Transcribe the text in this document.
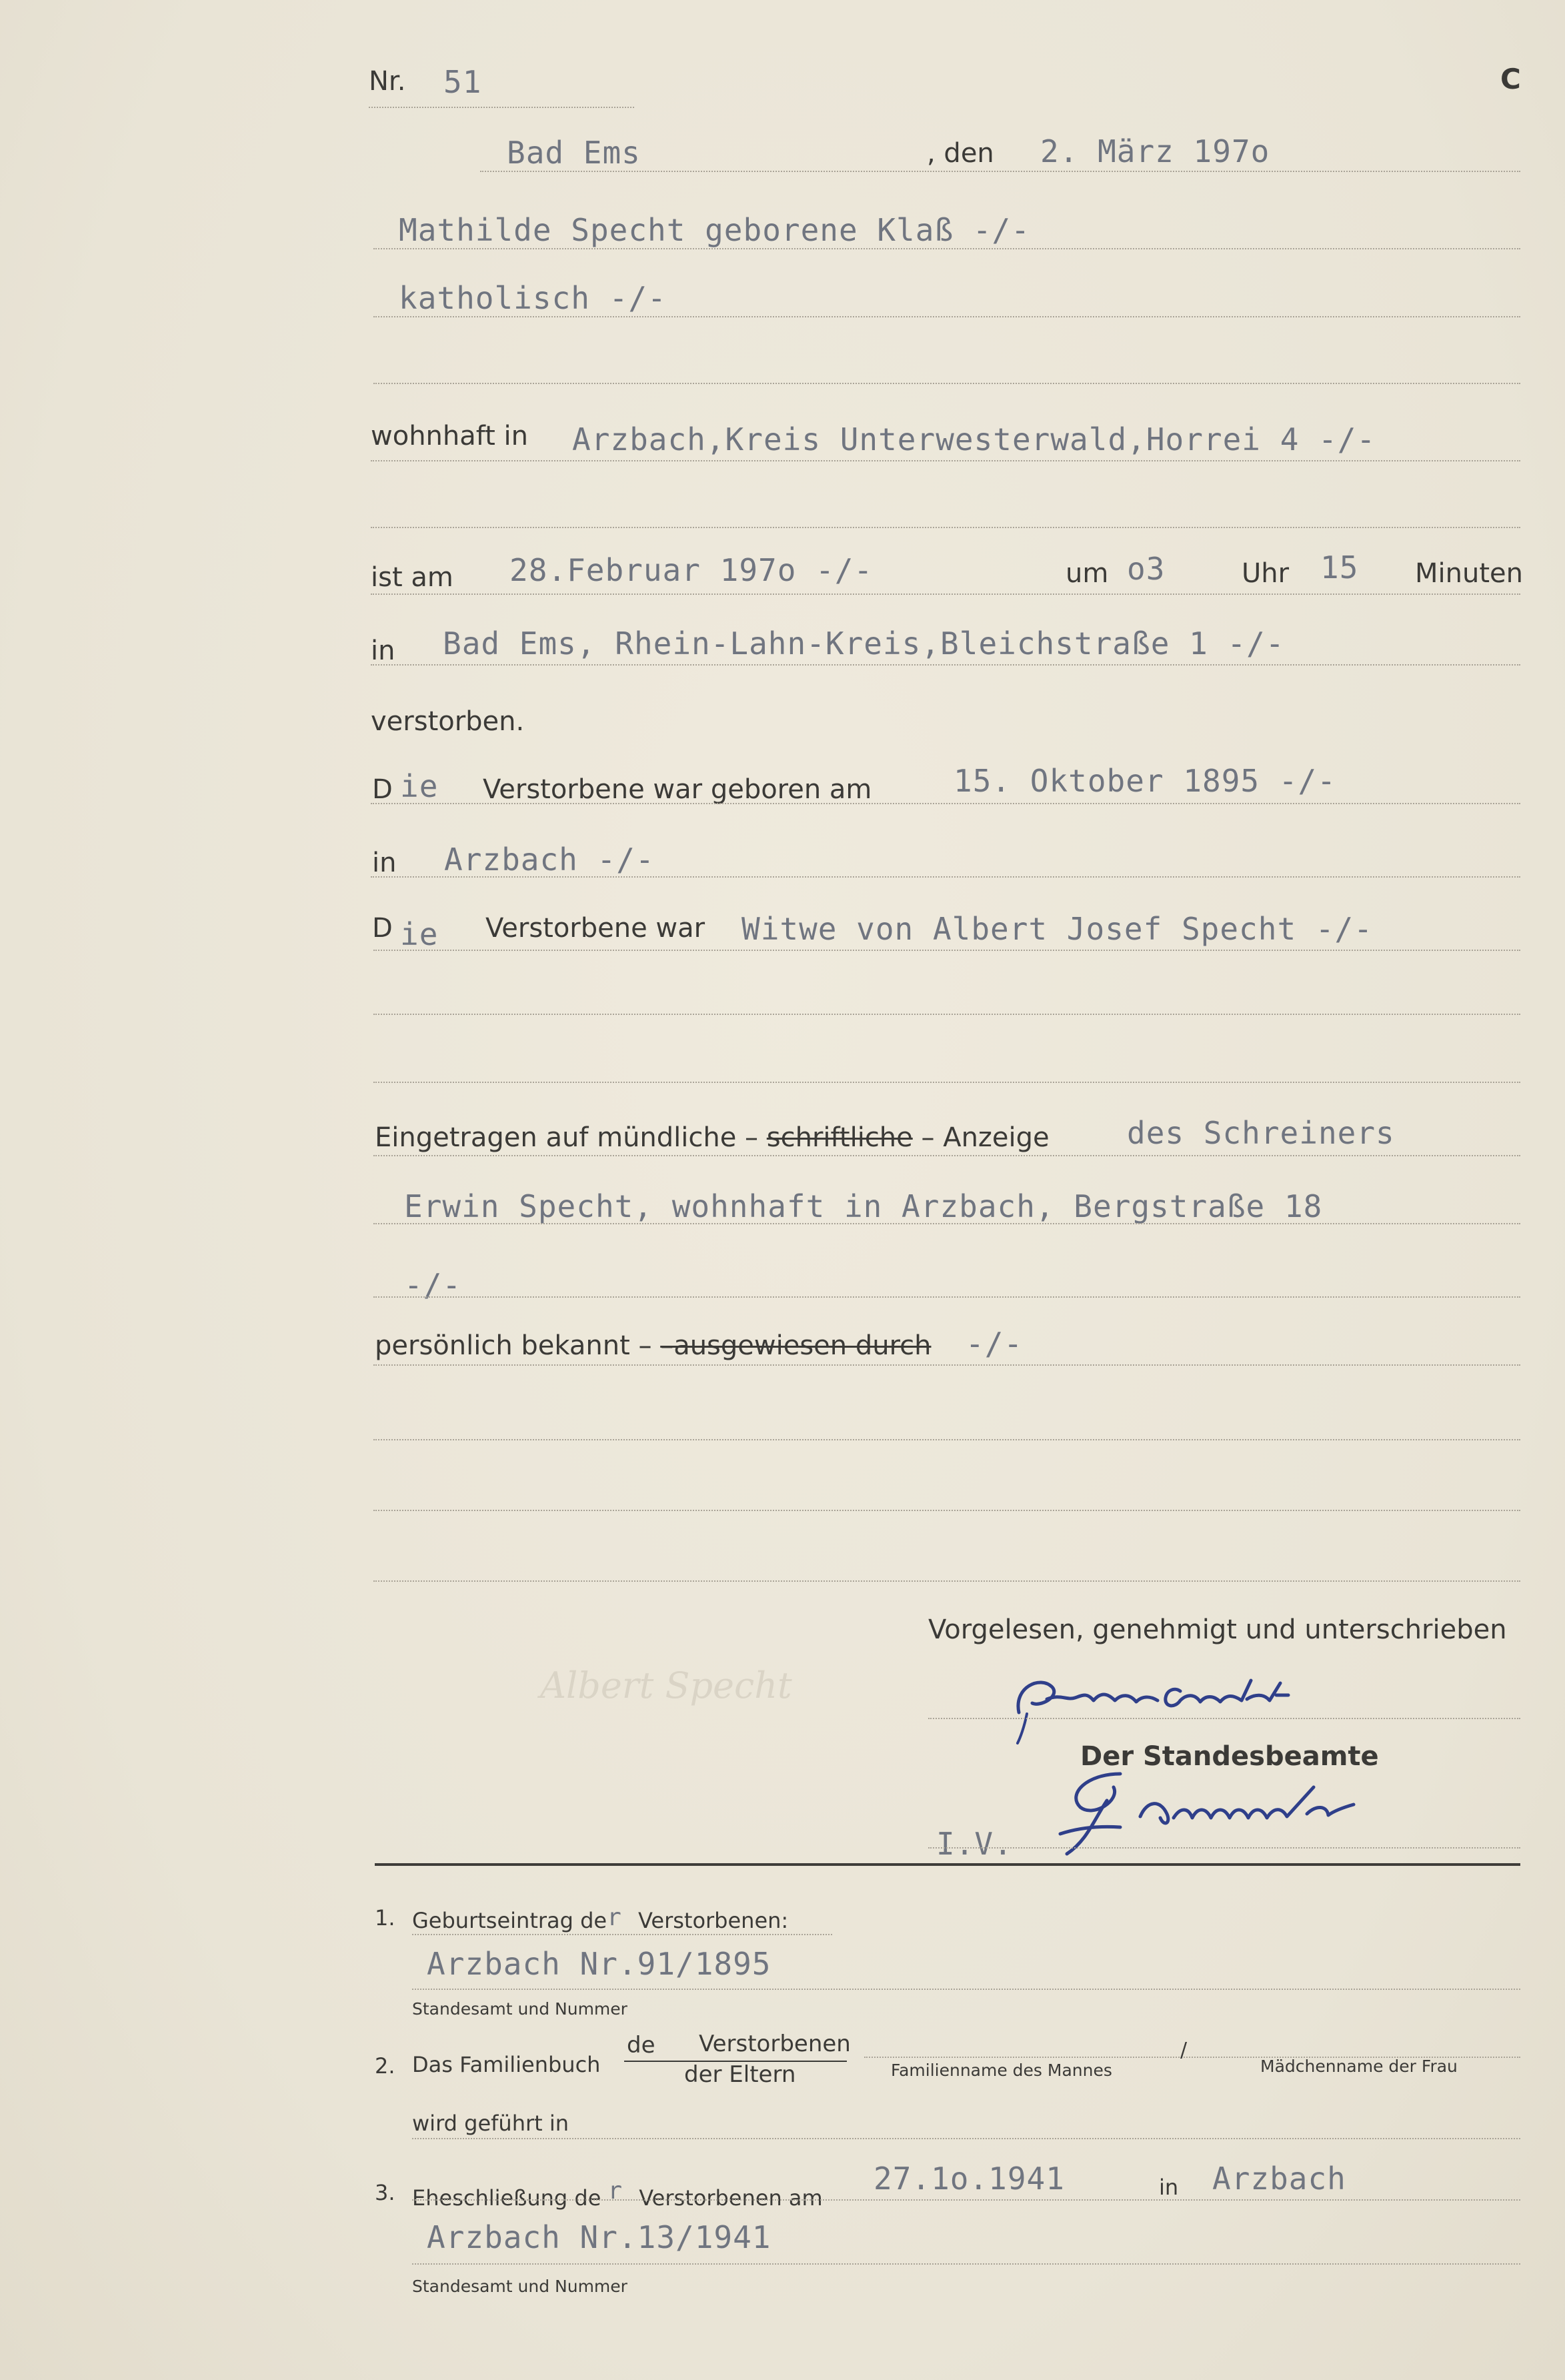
Nr. 51	C
Bad Ems	, den 2. März 197o
Mathilde Specht geborene Klaß -/-
katholisch -/-
wohnhaft in Arzbach,Kreis Unterwesterwald,Horrei 4 -/-
ist am 28.Februar 197o -/-	um o3	Uhr 15 Minuten
in Bad Ems, Rhein-Lahn-Kreis,Bleichstraße 1 -/-
verstorben.
D ie Verstorbene war geboren am	15. Oktober 1895 -/-
in Arzbach -/-
D ie Verstorbene war Witwe von Albert Josef Specht -/-
Eingetragen auf mündliche – schriftliche – Anzeige	des Schreiners
Erwin Specht, wohnhaft in Arzbach, Bergstraße 18
-/-
persönlich bekannt – –ausgewiesen durch -/-
Vorgelesen, genehmigt und unterschrieben
Albert Specht
Der Standesbeamte
I.V.
1. Geburtseintrag der Verstorbenen:
Arzbach Nr.91/1895
Standesamt und Nummer
2. Das Familienbuch
de Verstorbenen
der Eltern	Familienname des Mannes
/
Mädchenname der Frau
wird geführt in
3. Eheschließung de r Verstorbenen am
27.1o.1941	in Arzbach
Arzbach Nr.13/1941
Standesamt und Nummer
